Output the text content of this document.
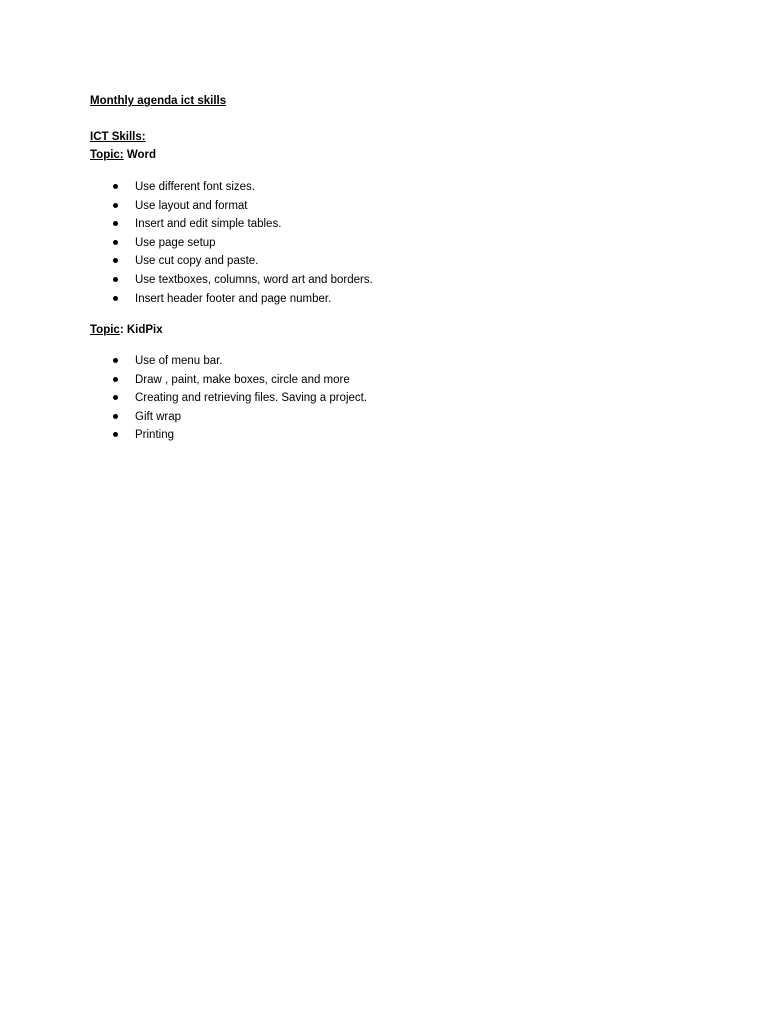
Monthly agenda ict skills
ICT Skills:
Topic: Word
Use different font sizes.
Use layout and format
Insert and edit simple tables.
Use page setup
Use cut copy and paste.
Use textboxes, columns, word art and borders.
Insert header footer and page number.
Topic: KidPix
Use of menu bar.
Draw , paint, make boxes, circle and more
Creating and retrieving files. Saving a project.
Gift wrap
Printing
